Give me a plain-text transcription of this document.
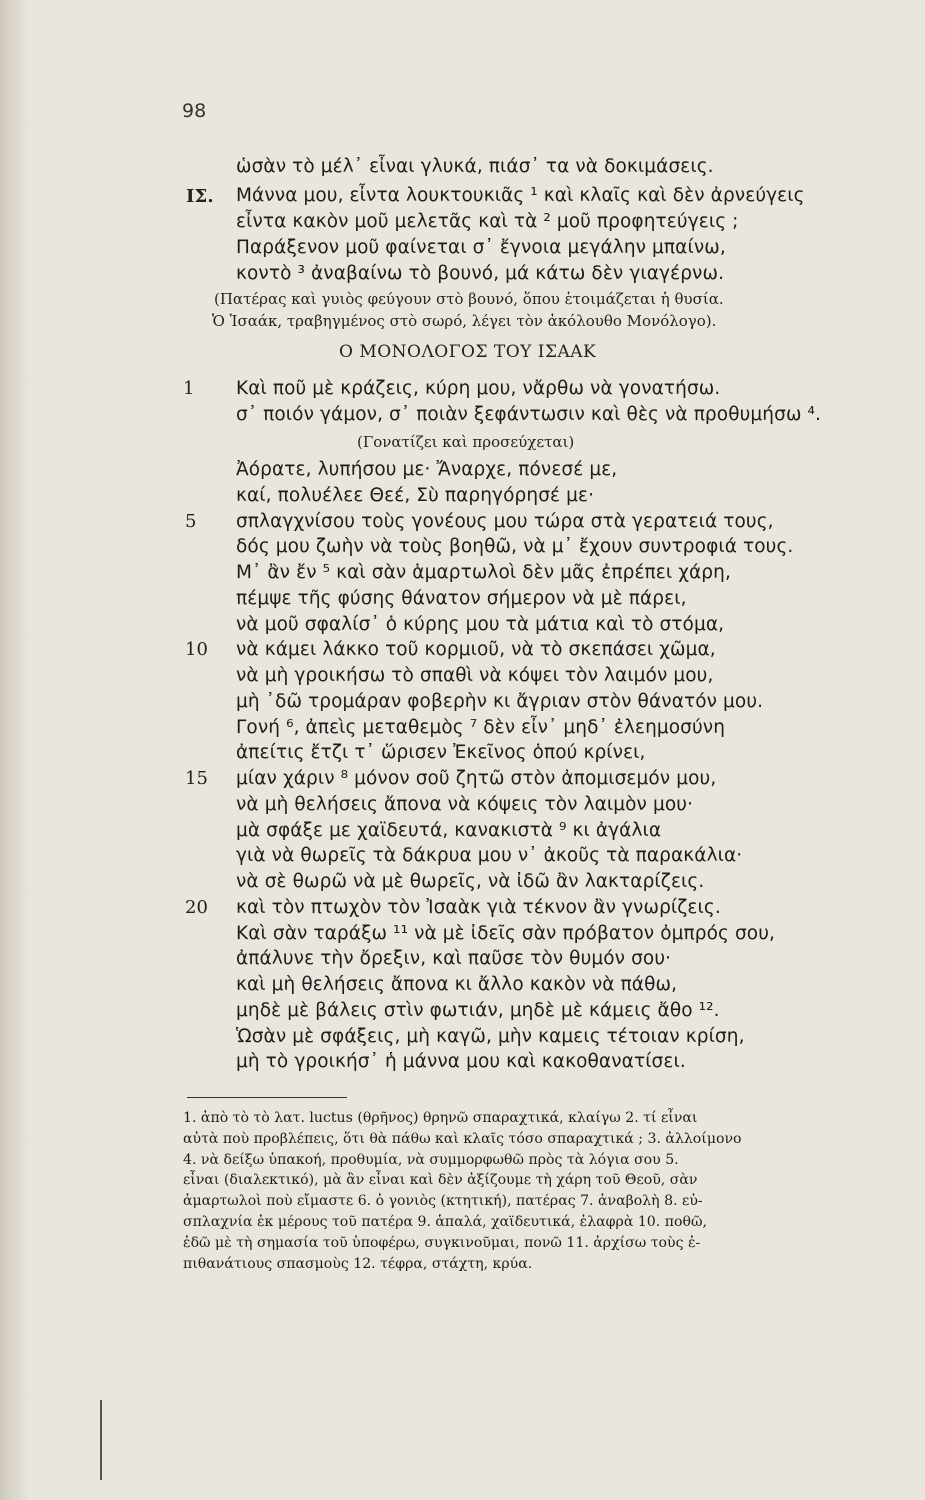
98
ὡσὰν τὸ μέλ᾽ εἶναι γλυκά, πιάσ᾽ τα νὰ δοκιμάσεις.
ΙΣ. Μάννα μου, εἶντα λουκτουκιᾶς ¹ καὶ κλαῖς καὶ δὲν ἀρνεύγεις
εἶντα κακὸν μοῦ μελετᾶς καὶ τὰ ² μοῦ προφητεύγεις ;
Παράξενον μοῦ φαίνεται σ᾽ ἔγνοια μεγάλην μπαίνω,
κοντὸ ³ ἀναβαίνω τὸ βουνό, μά κάτω δὲν γιαγέρνω.
(Πατέρας καὶ γυιὸς φεύγουν στὸ βουνό, ὅπου ἑτοιμάζεται ἡ θυσία.
Ὁ Ἰσαάκ, τραβηγμένος στὸ σωρό, λέγει τὸν ἀκόλουθο Μονόλογο).
Ο ΜΟΝΟΛΟΓΟΣ ΤΟΥ ΙΣΑΑΚ
1 Καὶ ποῦ μὲ κράζεις, κύρη μου, νἄρθω νὰ γονατήσω.
σ᾽ ποιόν γάμον, σ᾽ ποιὰν ξεφάντωσιν καὶ θὲς νὰ προθυμήσω ⁴.
(Γονατίζει καὶ προσεύχεται)
Ἀόρατε, λυπήσου με· Ἄναρχε, πόνεσέ με,
καί, πολυέλεε Θεέ, Σὺ παρηγόρησέ με·
5 σπλαγχνίσου τοὺς γονέους μου τώρα στὰ γερατειά τους,
δός μου ζωὴν νὰ τοὺς βοηθῶ, νὰ μ᾽ ἔχουν συντροφιά τους.
Μ᾽ ἂν ἔν ⁵ καὶ σὰν ἁμαρτωλοὶ δὲν μᾶς ἐπρέπει χάρη,
πέμψε τῆς φύσης θάνατον σήμερον νὰ μὲ πάρει,
νὰ μοῦ σφαλίσ᾽ ὁ κύρης μου τὰ μάτια καὶ τὸ στόμα,
10 νὰ κάμει λάκκο τοῦ κορμιοῦ, νὰ τὸ σκεπάσει χῶμα,
νὰ μὴ γροικήσω τὸ σπαθὶ νὰ κόψει τὸν λαιμόν μου,
μὴ ᾽δῶ τρομάραν φοβερὴν κι ἄγριαν στὸν θάνατόν μου.
Γονή ⁶, ἀπεὶς μεταθεμὸς ⁷ δὲν εἶν᾽ μηδ᾽ ἐλεημοσύνη
ἀπείτις ἔτζι τ᾽ ὥρισεν Ἐκεῖνος ὁπού κρίνει,
15 μίαν χάριν ⁸ μόνον σοῦ ζητῶ στὸν ἀπομισεμόν μου,
νὰ μὴ θελήσεις ἄπονα νὰ κόψεις τὸν λαιμὸν μου·
μὰ σφάξε με χαϊδευτά, κανακιστὰ ⁹ κι ἀγάλια
γιὰ νὰ θωρεῖς τὰ δάκρυα μου ν᾽ ἀκοῦς τὰ παρακάλια·
νὰ σὲ θωρῶ νὰ μὲ θωρεῖς, νὰ ἰδῶ ἂν λακταρίζεις.
20 καὶ τὸν πτωχὸν τὸν Ἰσαὰκ γιὰ τέκνον ἂν γνωρίζεις.
Καὶ σὰν ταράξω ¹¹ νὰ μὲ ἰδεῖς σὰν πρόβατον ὀμπρός σου,
ἀπάλυνε τὴν ὄρεξιν, καὶ παῦσε τὸν θυμόν σου·
καὶ μὴ θελήσεις ἄπονα κι ἄλλο κακὸν νὰ πάθω,
μηδὲ μὲ βάλεις στὶν φωτιάν, μηδὲ μὲ κάμεις ἄθο ¹².
Ὡσὰν μὲ σφάξεις, μὴ καγῶ, μὴν καμεις τέτοιαν κρίση,
μὴ τὸ γροικήσ᾽ ἡ μάννα μου καὶ κακοθανατίσει.
1. ἀπὸ τὸ τὸ λατ. luctus (θρῆνος) θρηνῶ σπαραχτικά, κλαίγω 2. τί εἶναι
αὐτὰ ποὺ προβλέπεις, ὅτι θὰ πάθω καὶ κλαῖς τόσο σπαραχτικά ; 3. ἀλλοίμονο
4. νὰ δείξω ὑπακοή, προθυμία, νὰ συμμορφωθῶ πρὸς τὰ λόγια σου 5.
εἶναι (διαλεκτικό), μὰ ἂν εἶναι καὶ δὲν ἀξίζουμε τὴ χάρη τοῦ Θεοῦ, σὰν
ἁμαρτωλοὶ ποὺ εἴμαστε 6. ὁ γονιὸς (κτητική), πατέρας 7. ἀναβολὴ 8. εὐ-
σπλαχνία ἐκ μέρους τοῦ πατέρα 9. ἁπαλά, χαϊδευτικά, ἐλαφρὰ 10. ποθῶ,
ἐδῶ μὲ τὴ σημασία τοῦ ὑποφέρω, συγκινοῦμαι, πονῶ 11. ἀρχίσω τοὺς ἐ-
πιθανάτιους σπασμοὺς 12. τέφρα, στάχτη, κρύα.
